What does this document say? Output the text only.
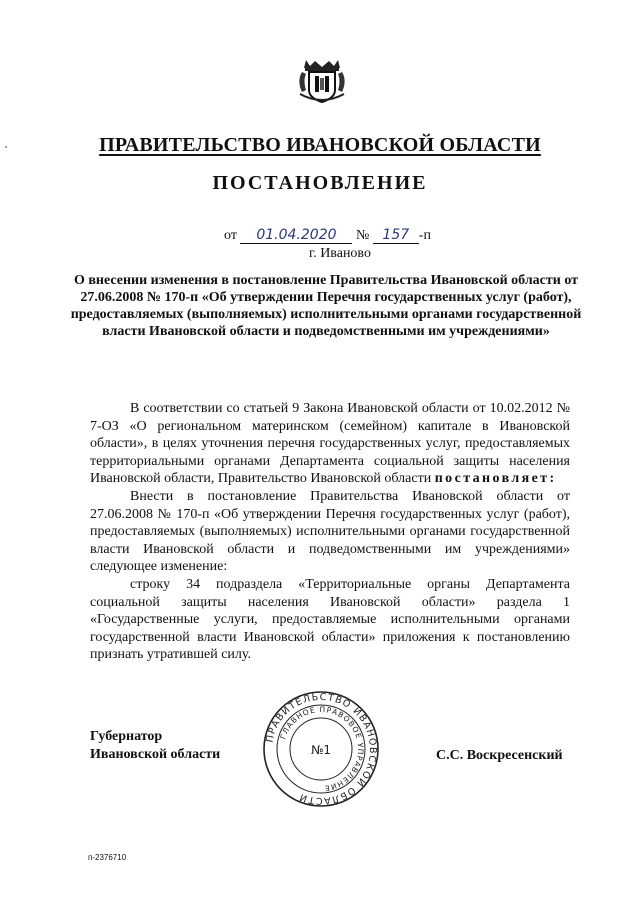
ПРАВИТЕЛЬСТВО ИВАНОВСКОЙ ОБЛАСТИ
ПОСТАНОВЛЕНИЕ
от 01.04.2020 № 157 -п
г. Иваново
О внесении изменения в постановление Правительства Ивановской области от 27.06.2008 № 170-п «Об утверждении Перечня государственных услуг (работ), предоставляемых (выполняемых) исполнительными органами государственной власти Ивановской области и подведомственными им учреждениями»

В соответствии со статьей 9 Закона Ивановской области от 10.02.2012 № 7-ОЗ «О региональном материнском (семейном) капитале в Ивановской области», в целях уточнения перечня государственных услуг, предоставляемых территориальными органами Департамента социальной защиты населения Ивановской области, Правительство Ивановской области постановляет:

Внести в постановление Правительства Ивановской области от 27.06.2008 № 170-п «Об утверждении Перечня государственных услуг (работ), предоставляемых (выполняемых) исполнительными органами государственной власти Ивановской области и подведомственными им учреждениями» следующее изменение:

строку 34 подраздела «Территориальные органы Департамента социальной защиты населения Ивановской области» раздела 1 «Государственные услуги, предоставляемые исполнительными органами государственной власти Ивановской области» приложения к постановлению признать утратившей силу.

Губернатор
Ивановской области
ПРАВИТЕЛЬСТВО ИВАНОВСКОЙ ОБЛАСТИ
ГЛАВНОЕ ПРАВОВОЕ УПРАВЛЕНИЕ
№1	С.С. Воскресенский
п-2376710
